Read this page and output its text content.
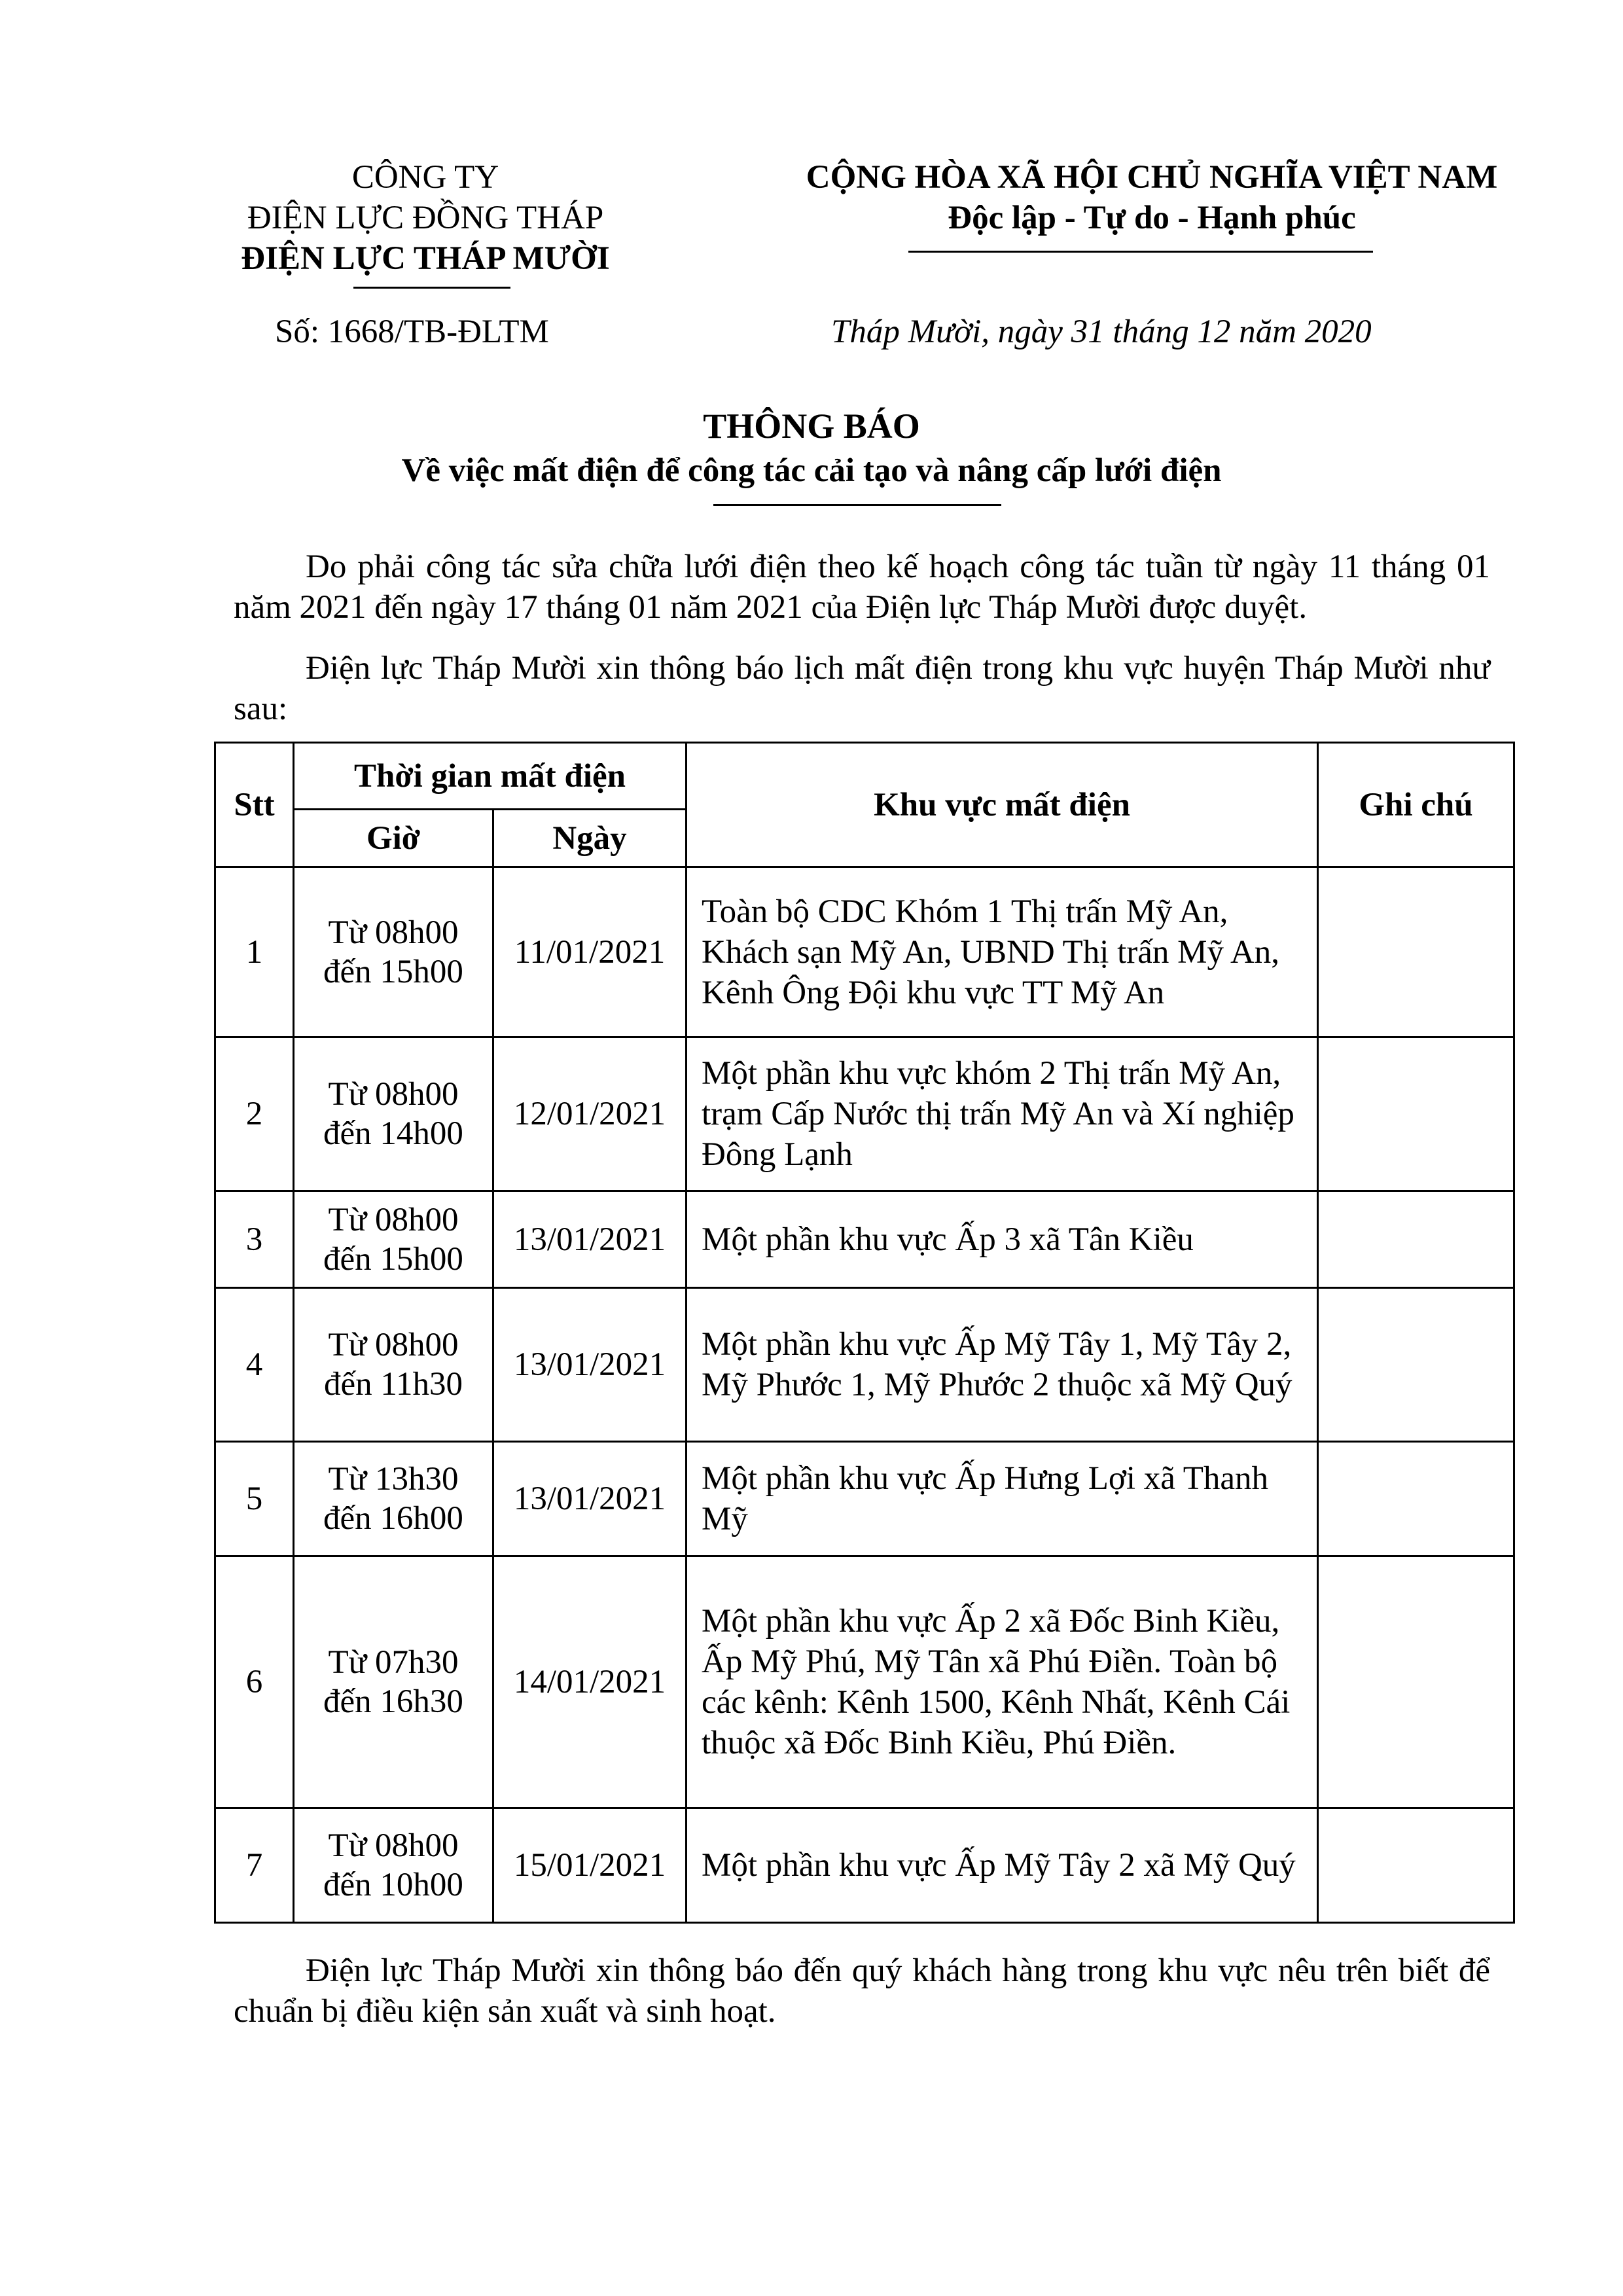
CÔNG TY
ĐIỆN LỰC ĐỒNG THÁP
ĐIỆN LỰC THÁP MƯỜI
CỘNG HÒA XÃ HỘI CHỦ NGHĨA VIỆT NAM
Độc lập - Tự do - Hạnh phúc
Số: 1668/TB-ĐLTM	Tháp Mười, ngày 31 tháng 12 năm 2020
THÔNG BÁO
Về việc mất điện để công tác cải tạo và nâng cấp lưới điện
Do phải công tác sửa chữa lưới điện theo kế hoạch công tác tuần từ ngày 11 tháng 01 năm 2021 đến ngày 17 tháng 01 năm 2021 của Điện lực Tháp Mười được duyệt.
Điện lực Tháp Mười xin thông báo lịch mất điện trong khu vực huyện Tháp Mười như sau:
Stt	Thời gian mất điện		Khu vực mất điện	Ghi chú
	Giờ	Ngày		
1	Từ 08h00
đến 15h00	11/01/2021	Toàn bộ CDC Khóm 1 Thị trấn Mỹ An, Khách sạn Mỹ An, UBND Thị trấn Mỹ An, Kênh Ông Đội khu vực TT Mỹ An	
2	Từ 08h00
đến 14h00	12/01/2021	Một phần khu vực khóm 2 Thị trấn Mỹ An, trạm Cấp Nước thị trấn Mỹ An và Xí nghiệp Đông Lạnh	
3	Từ 08h00
đến 15h00	13/01/2021	Một phần khu vực Ấp 3 xã Tân Kiều	
4	Từ 08h00
đến 11h30	13/01/2021	Một phần khu vực Ấp Mỹ Tây 1, Mỹ Tây 2, Mỹ Phước 1, Mỹ Phước 2 thuộc xã Mỹ Quý	
5	Từ 13h30
đến 16h00	13/01/2021	Một phần khu vực Ấp Hưng Lợi xã Thanh Mỹ	
6	Từ 07h30
đến 16h30	14/01/2021	Một phần khu vực Ấp 2 xã Đốc Binh Kiều, Ấp Mỹ Phú, Mỹ Tân xã Phú Điền. Toàn bộ các kênh: Kênh 1500, Kênh Nhất, Kênh Cái thuộc xã Đốc Binh Kiều, Phú Điền.	
7	Từ 08h00
đến 10h00	15/01/2021	Một phần khu vực Ấp Mỹ Tây 2 xã Mỹ Quý	
Điện lực Tháp Mười xin thông báo đến quý khách hàng trong khu vực nêu trên biết để chuẩn bị điều kiện sản xuất và sinh hoạt.
